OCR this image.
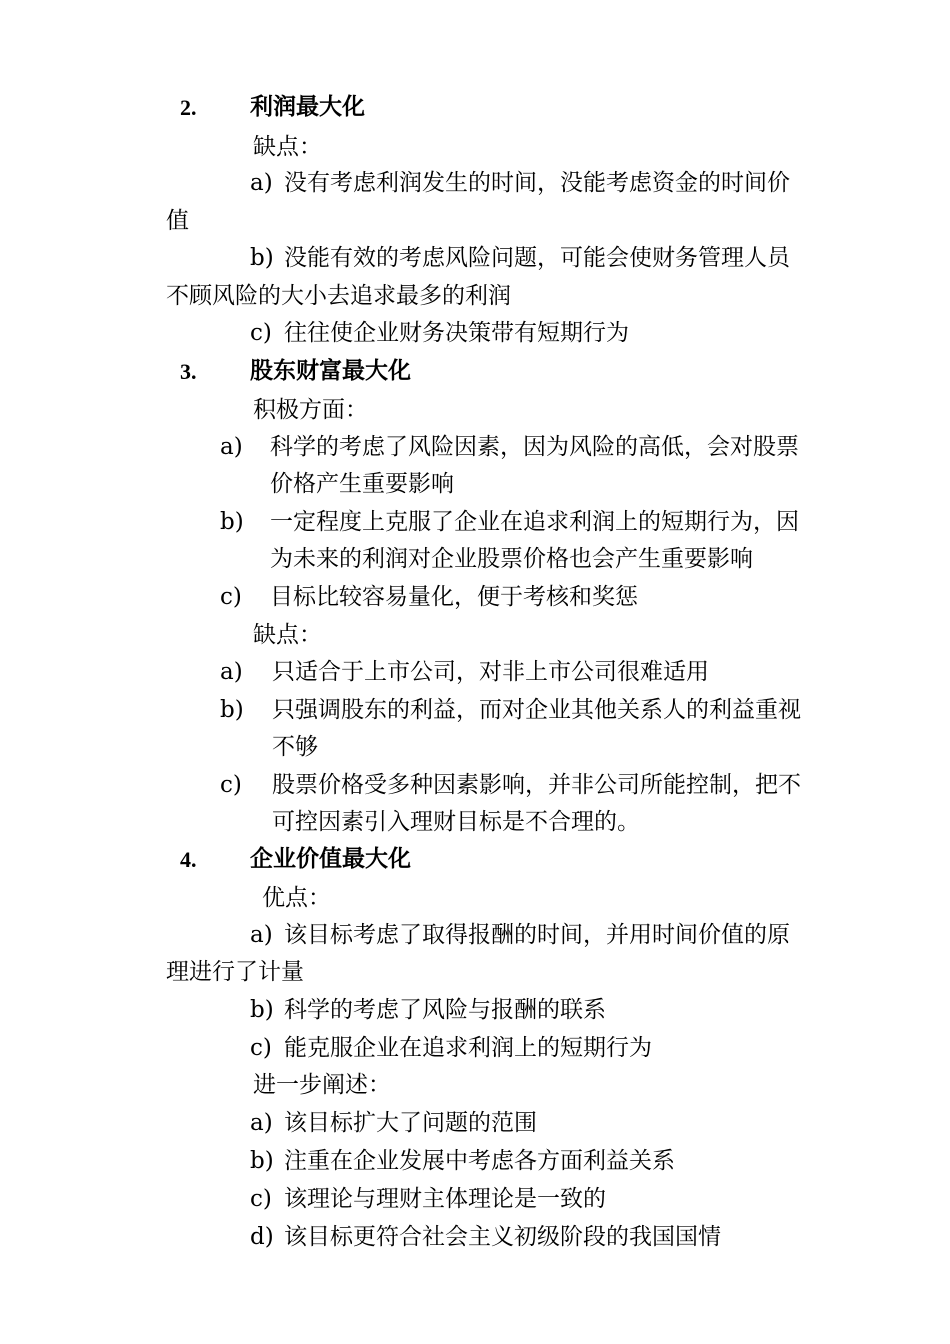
2. 利润最大化
缺点：
a) 没有考虑利润发生的时间，没能考虑资金的时间价
值
b) 没能有效的考虑风险问题，可能会使财务管理人员
不顾风险的大小去追求最多的利润
c) 往往使企业财务决策带有短期行为
3. 股东财富最大化
积极方面：
a) 科学的考虑了风险因素，因为风险的高低，会对股票
价格产生重要影响
b) 一定程度上克服了企业在追求利润上的短期行为，因
为未来的利润对企业股票价格也会产生重要影响
c) 目标比较容易量化，便于考核和奖惩
缺点：
a) 只适合于上市公司，对非上市公司很难适用
b) 只强调股东的利益，而对企业其他关系人的利益重视
不够
c) 股票价格受多种因素影响，并非公司所能控制，把不
可控因素引入理财目标是不合理的。
4. 企业价值最大化
优点：
a) 该目标考虑了取得报酬的时间，并用时间价值的原
理进行了计量
b) 科学的考虑了风险与报酬的联系
c) 能克服企业在追求利润上的短期行为
进一步阐述：
a) 该目标扩大了问题的范围
b) 注重在企业发展中考虑各方面利益关系
c) 该理论与理财主体理论是一致的
d) 该目标更符合社会主义初级阶段的我国国情
